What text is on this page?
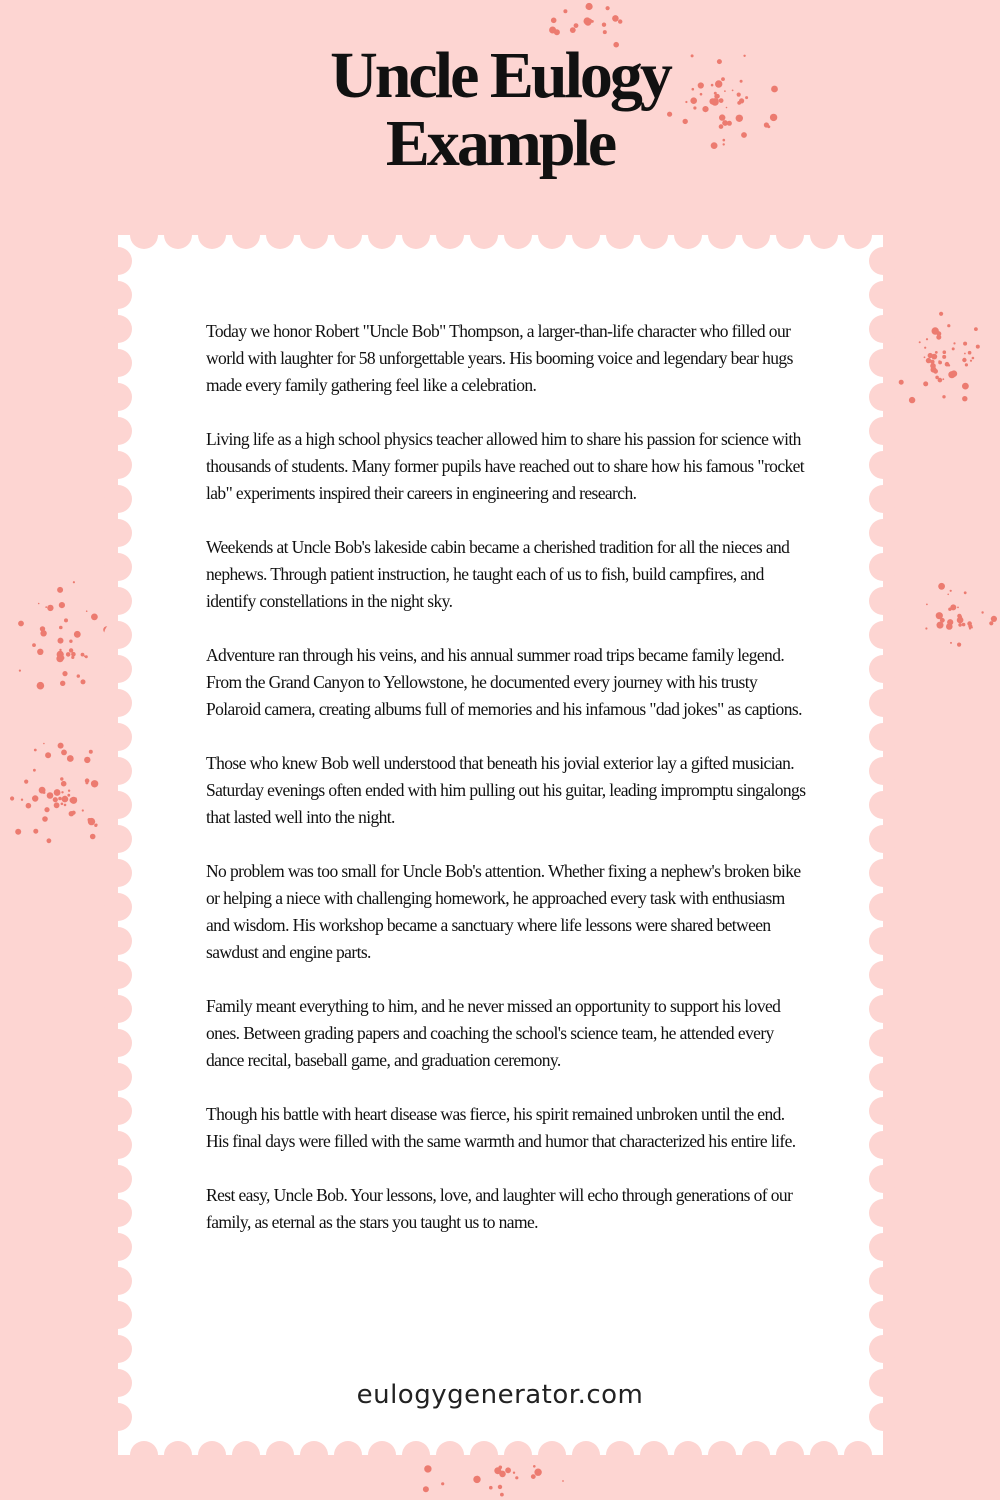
Uncle Eulogy
Example

Today we honor Robert "Uncle Bob" Thompson, a larger-than-life character who filled our world with laughter for 58 unforgettable years. His booming voice and legendary bear hugs made every family gathering feel like a celebration.

Living life as a high school physics teacher allowed him to share his passion for science with thousands of students. Many former pupils have reached out to share how his famous "rocket lab" experiments inspired their careers in engineering and research.

Weekends at Uncle Bob's lakeside cabin became a cherished tradition for all the nieces and nephews. Through patient instruction, he taught each of us to fish, build campfires, and identify constellations in the night sky.

Adventure ran through his veins, and his annual summer road trips became family legend. From the Grand Canyon to Yellowstone, he documented every journey with his trusty Polaroid camera, creating albums full of memories and his infamous "dad jokes" as captions.

Those who knew Bob well understood that beneath his jovial exterior lay a gifted musician. Saturday evenings often ended with him pulling out his guitar, leading impromptu singalongs that lasted well into the night.

No problem was too small for Uncle Bob's attention. Whether fixing a nephew's broken bike or helping a niece with challenging homework, he approached every task with enthusiasm and wisdom. His workshop became a sanctuary where life lessons were shared between sawdust and engine parts.

Family meant everything to him, and he never missed an opportunity to support his loved ones. Between grading papers and coaching the school's science team, he attended every dance recital, baseball game, and graduation ceremony.

Though his battle with heart disease was fierce, his spirit remained unbroken until the end. His final days were filled with the same warmth and humor that characterized his entire life.

Rest easy, Uncle Bob. Your lessons, love, and laughter will echo through generations of our family, as eternal as the stars you taught us to name.

eulogygenerator.com
